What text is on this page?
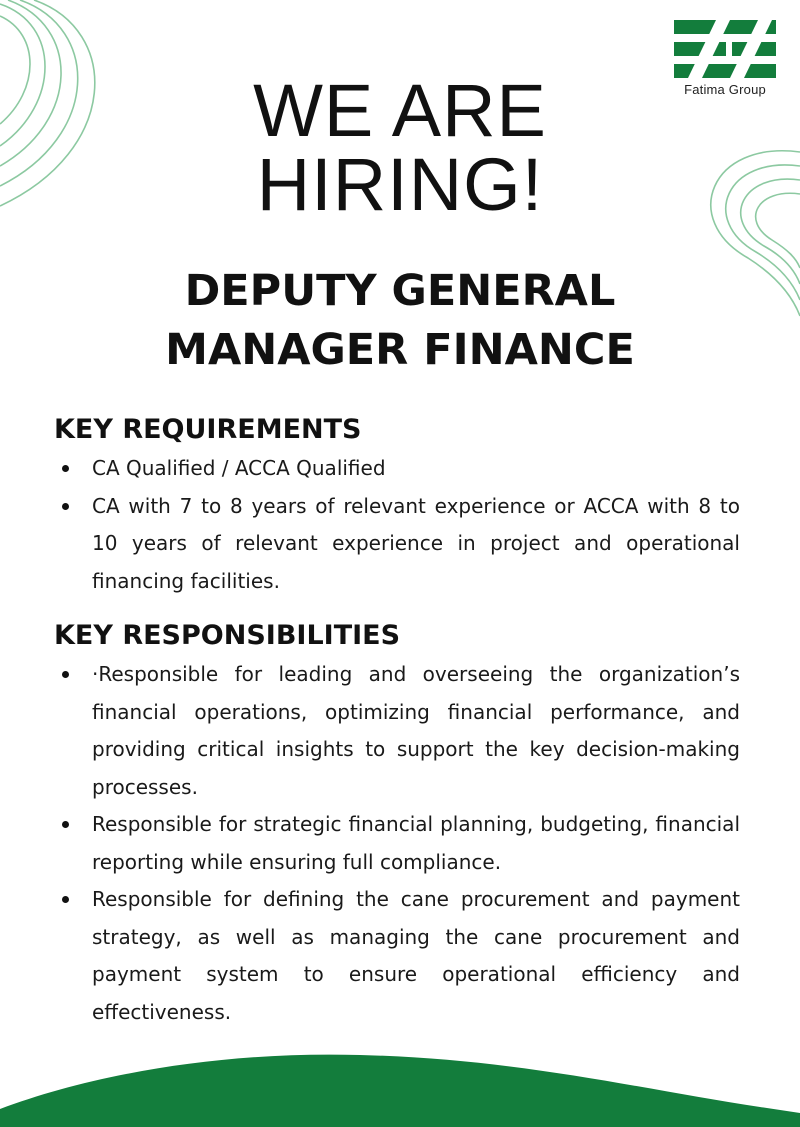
Fatima Group
WE ARE
HIRING!
DEPUTY GENERAL
MANAGER FINANCE
KEY REQUIREMENTS
CA Qualified / ACCA Qualified
CA with 7 to 8 years of relevant experience or ACCA with 8 to 10 years of relevant experience in project and operational financing facilities.
KEY RESPONSIBILITIES
·Responsible for leading and overseeing the organization’s financial operations, optimizing financial performance, and providing critical insights to support the key decision-making processes.
Responsible for strategic financial planning, budgeting, financial reporting while ensuring full compliance.
Responsible for defining the cane procurement and payment strategy, as well as managing the cane procurement and payment system to ensure operational efficiency and effectiveness.
